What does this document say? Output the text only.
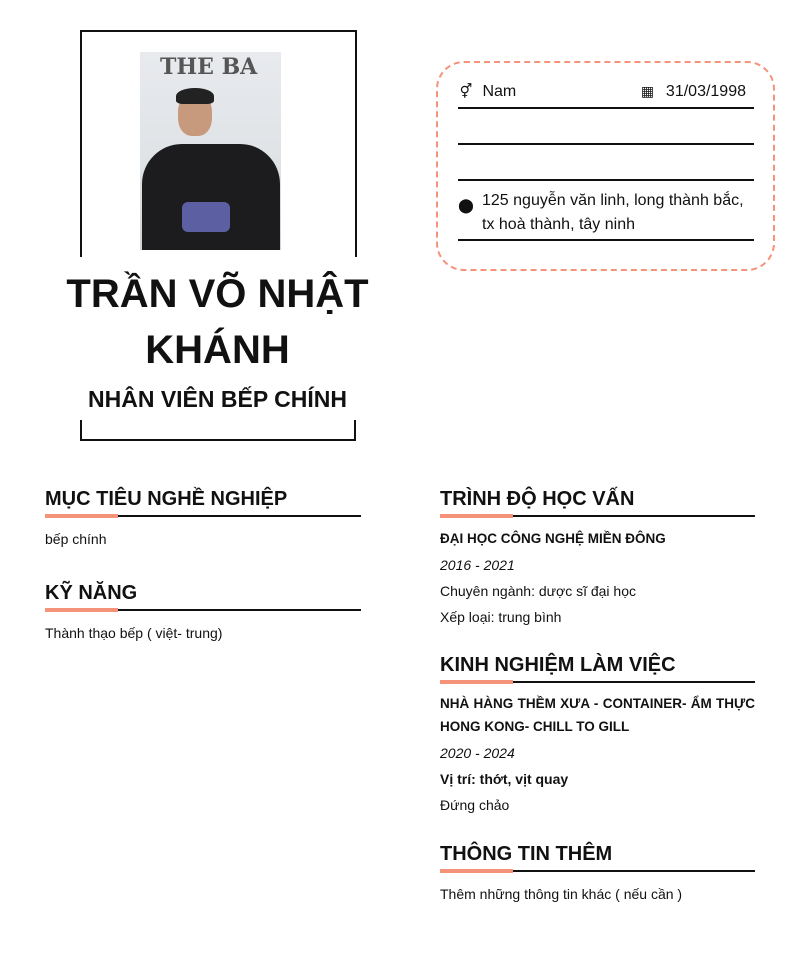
THE BA
TRẦN VÕ NHẬT
KHÁNH
NHÂN VIÊN BẾP CHÍNH
⚥ Nam	▦ 31/03/1998
⬤ 125 nguyễn văn linh, long thành bắc,
tx hoà thành, tây ninh
MỤC TIÊU NGHỀ NGHIỆP

bếp chính

KỸ NĂNG

Thành thạo bếp ( việt- trung)

TRÌNH ĐỘ HỌC VẤN

ĐẠI HỌC CÔNG NGHỆ MIỀN ĐÔNG

2016 - 2021

Chuyên ngành: dược sĩ đại học

Xếp loại: trung bình

KINH NGHIỆM LÀM VIỆC

NHÀ HÀNG THỀM XƯA - CONTAINER- ẨM THỰC HONG KONG- CHILL TO GILL

2020 - 2024

Vị trí: thớt, vịt quay

Đứng chảo

THÔNG TIN THÊM

Thêm những thông tin khác ( nếu cần )
